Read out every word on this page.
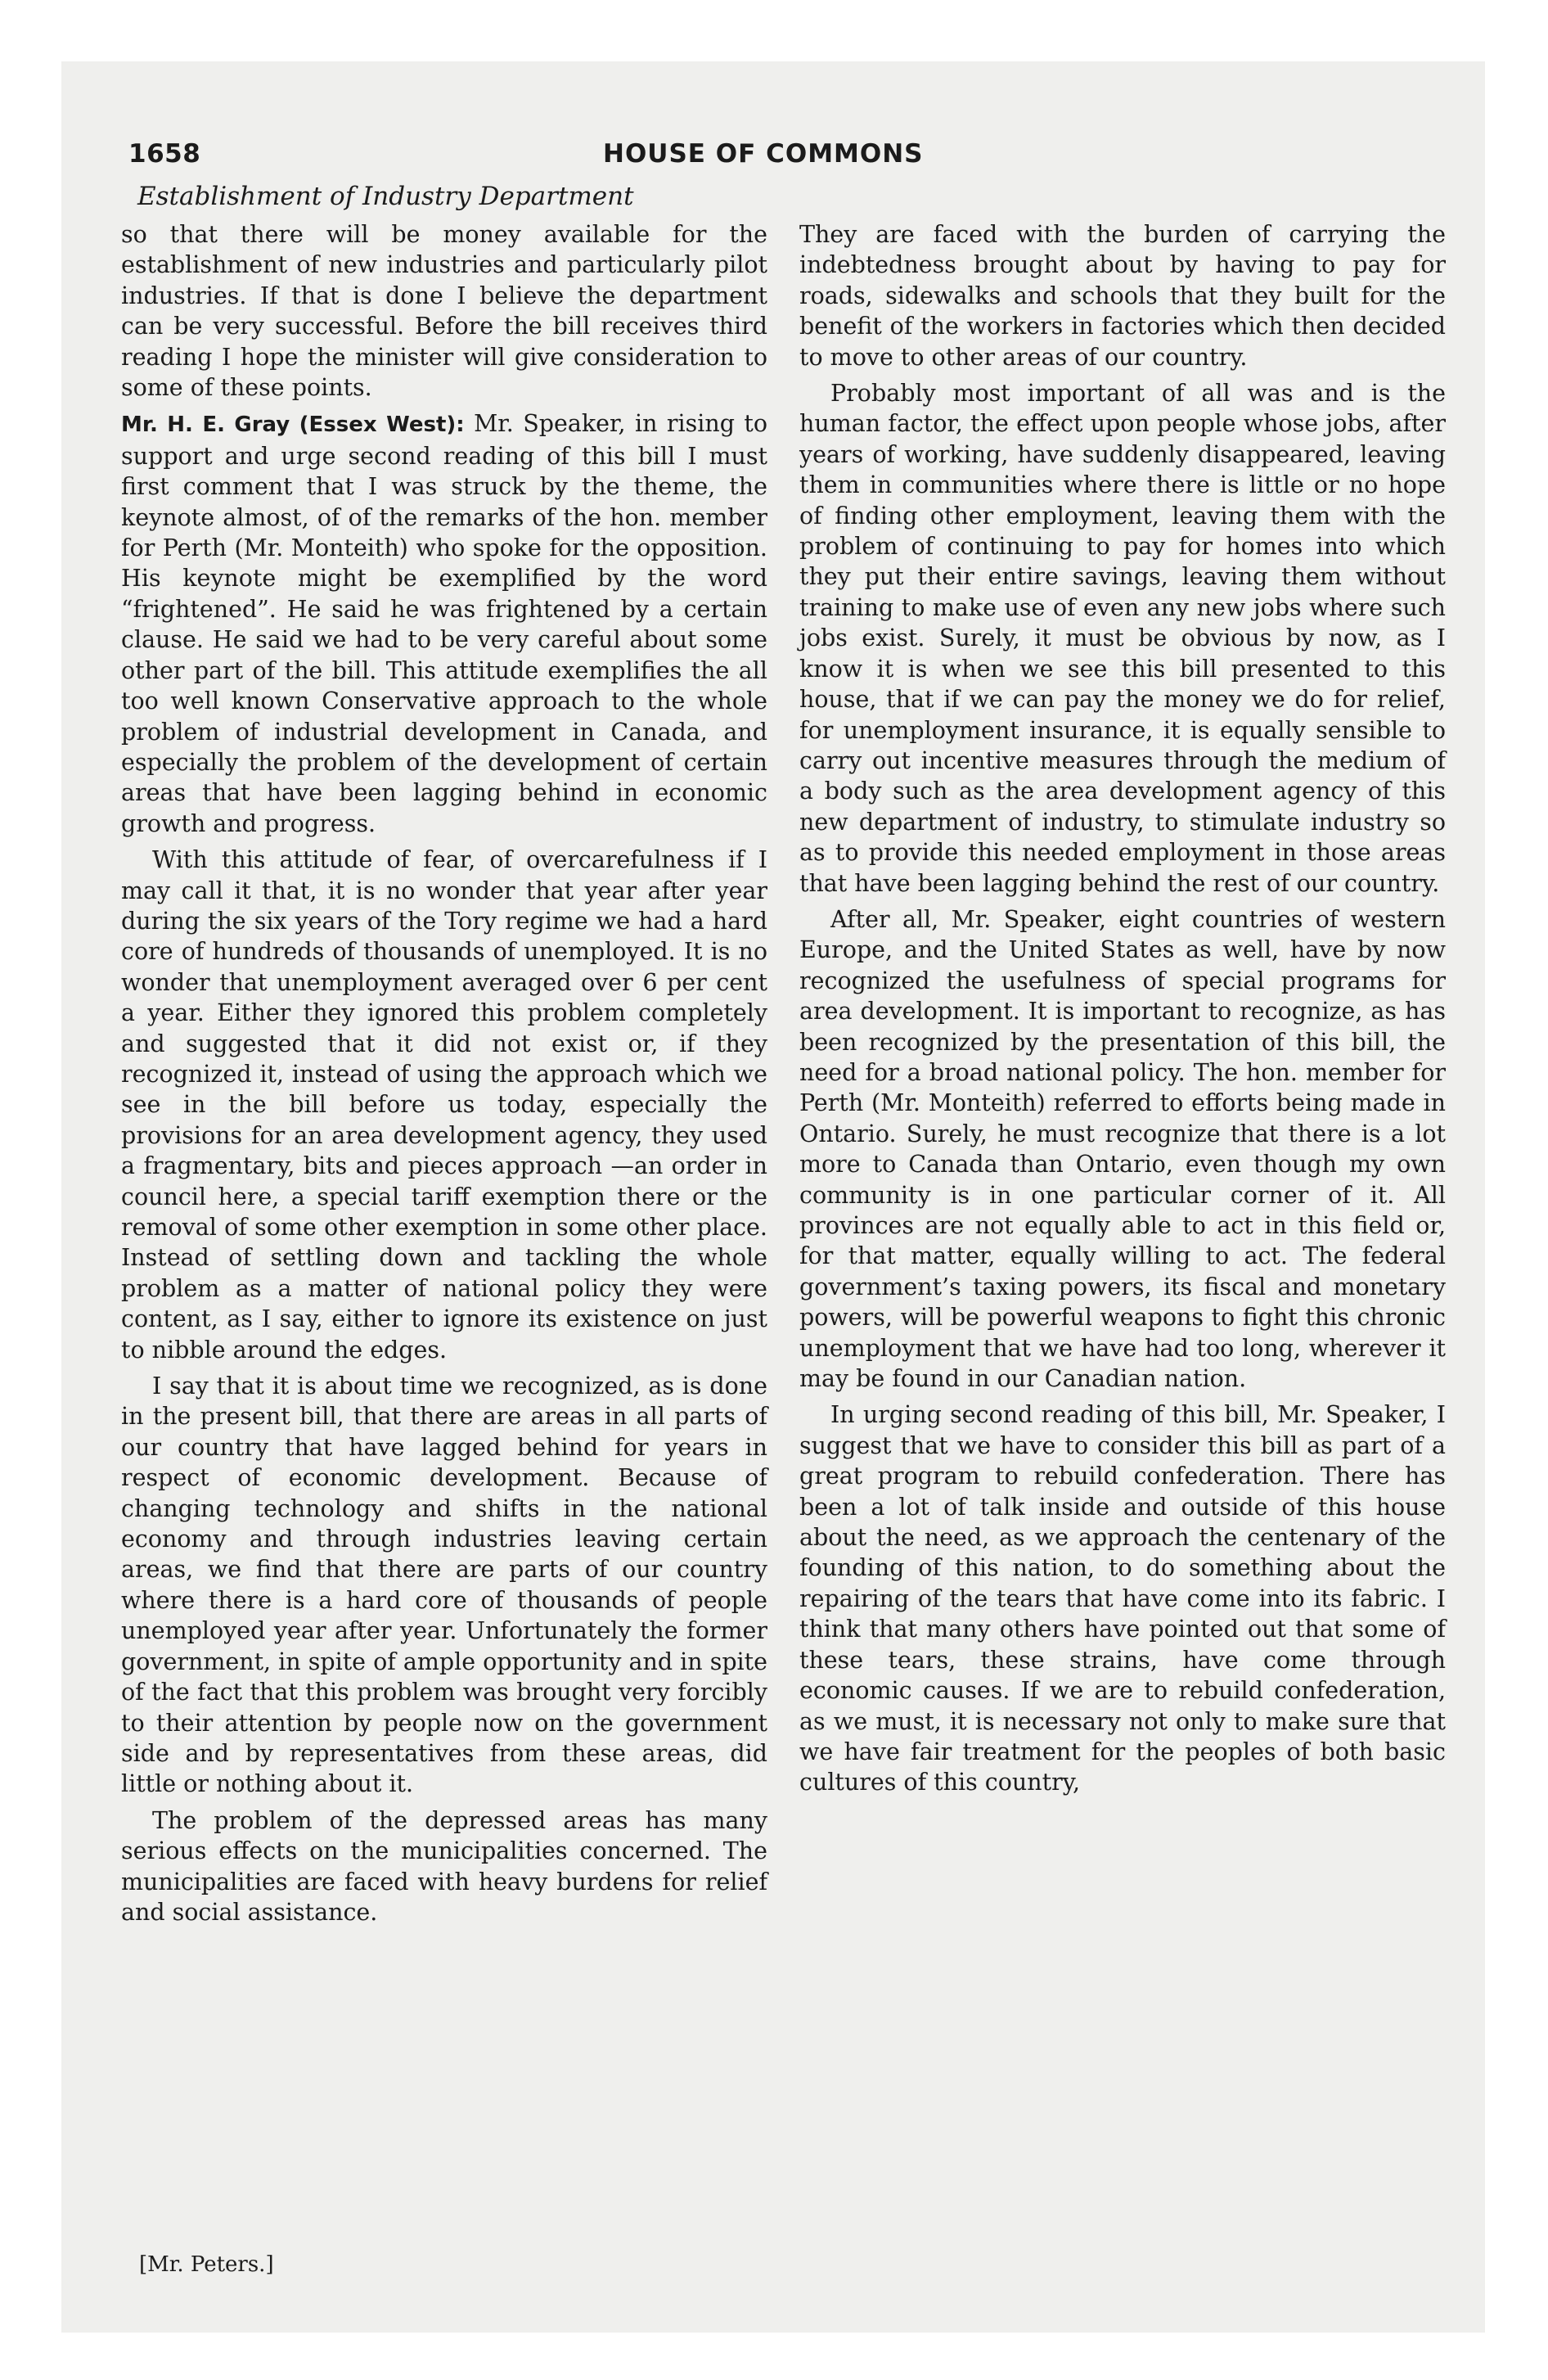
1658	HOUSE OF COMMONS
Establishment of Industry Department

so that there will be money available for the establishment of new industries and particularly pilot industries. If that is done I believe the department can be very successful. Before the bill receives third reading I hope the minister will give consideration to some of these points.

Mr. H. E. Gray (Essex West): Mr. Speaker, in rising to support and urge second reading of this bill I must first comment that I was struck by the theme, the keynote almost, of of the remarks of the hon. member for Perth (Mr. Monteith) who spoke for the opposition. His keynote might be exemplified by the word “frightened”. He said he was frightened by a certain clause. He said we had to be very careful about some other part of the bill. This attitude exemplifies the all too well known Conservative approach to the whole problem of industrial development in Canada, and especially the problem of the development of certain areas that have been lagging behind in economic growth and progress.

With this attitude of fear, of overcarefulness if I may call it that, it is no wonder that year after year during the six years of the Tory regime we had a hard core of hundreds of thousands of unemployed. It is no wonder that unemployment averaged over 6 per cent a year. Either they ignored this problem completely and suggested that it did not exist or, if they recognized it, instead of using the approach which we see in the bill before us today, especially the provisions for an area development agency, they used a fragmentary, bits and pieces approach —an order in council here, a special tariff exemption there or the removal of some other exemption in some other place. Instead of settling down and tackling the whole problem as a matter of national policy they were content, as I say, either to ignore its existence on just to nibble around the edges.

I say that it is about time we recognized, as is done in the present bill, that there are areas in all parts of our country that have lagged behind for years in respect of economic development. Because of changing technology and shifts in the national economy and through industries leaving certain areas, we find that there are parts of our country where there is a hard core of thousands of people unemployed year after year. Unfortunately the former government, in spite of ample opportunity and in spite of the fact that this problem was brought very forcibly to their attention by people now on the government side and by representatives from these areas, did little or nothing about it.

The problem of the depressed areas has many serious effects on the municipalities concerned. The municipalities are faced with heavy burdens for relief and social assistance.

They are faced with the burden of carrying the indebtedness brought about by having to pay for roads, sidewalks and schools that they built for the benefit of the workers in factories which then decided to move to other areas of our country.

Probably most important of all was and is the human factor, the effect upon people whose jobs, after years of working, have suddenly disappeared, leaving them in communities where there is little or no hope of finding other employment, leaving them with the problem of continuing to pay for homes into which they put their entire savings, leaving them without training to make use of even any new jobs where such jobs exist. Surely, it must be obvious by now, as I know it is when we see this bill presented to this house, that if we can pay the money we do for relief, for unemployment insurance, it is equally sensible to carry out incentive measures through the medium of a body such as the area development agency of this new department of industry, to stimulate industry so as to provide this needed employment in those areas that have been lagging behind the rest of our country.

After all, Mr. Speaker, eight countries of western Europe, and the United States as well, have by now recognized the usefulness of special programs for area development. It is important to recognize, as has been recognized by the presentation of this bill, the need for a broad national policy. The hon. member for Perth (Mr. Monteith) referred to efforts being made in Ontario. Surely, he must recognize that there is a lot more to Canada than Ontario, even though my own community is in one particular corner of it. All provinces are not equally able to act in this field or, for that matter, equally willing to act. The federal government’s taxing powers, its fiscal and monetary powers, will be powerful weapons to fight this chronic unemployment that we have had too long, wherever it may be found in our Canadian nation.

In urging second reading of this bill, Mr. Speaker, I suggest that we have to consider this bill as part of a great program to rebuild confederation. There has been a lot of talk inside and outside of this house about the need, as we approach the centenary of the founding of this nation, to do something about the repairing of the tears that have come into its fabric. I think that many others have pointed out that some of these tears, these strains, have come through economic causes. If we are to rebuild confederation, as we must, it is necessary not only to make sure that we have fair treatment for the peoples of both basic cultures of this country,

[Mr. Peters.]
